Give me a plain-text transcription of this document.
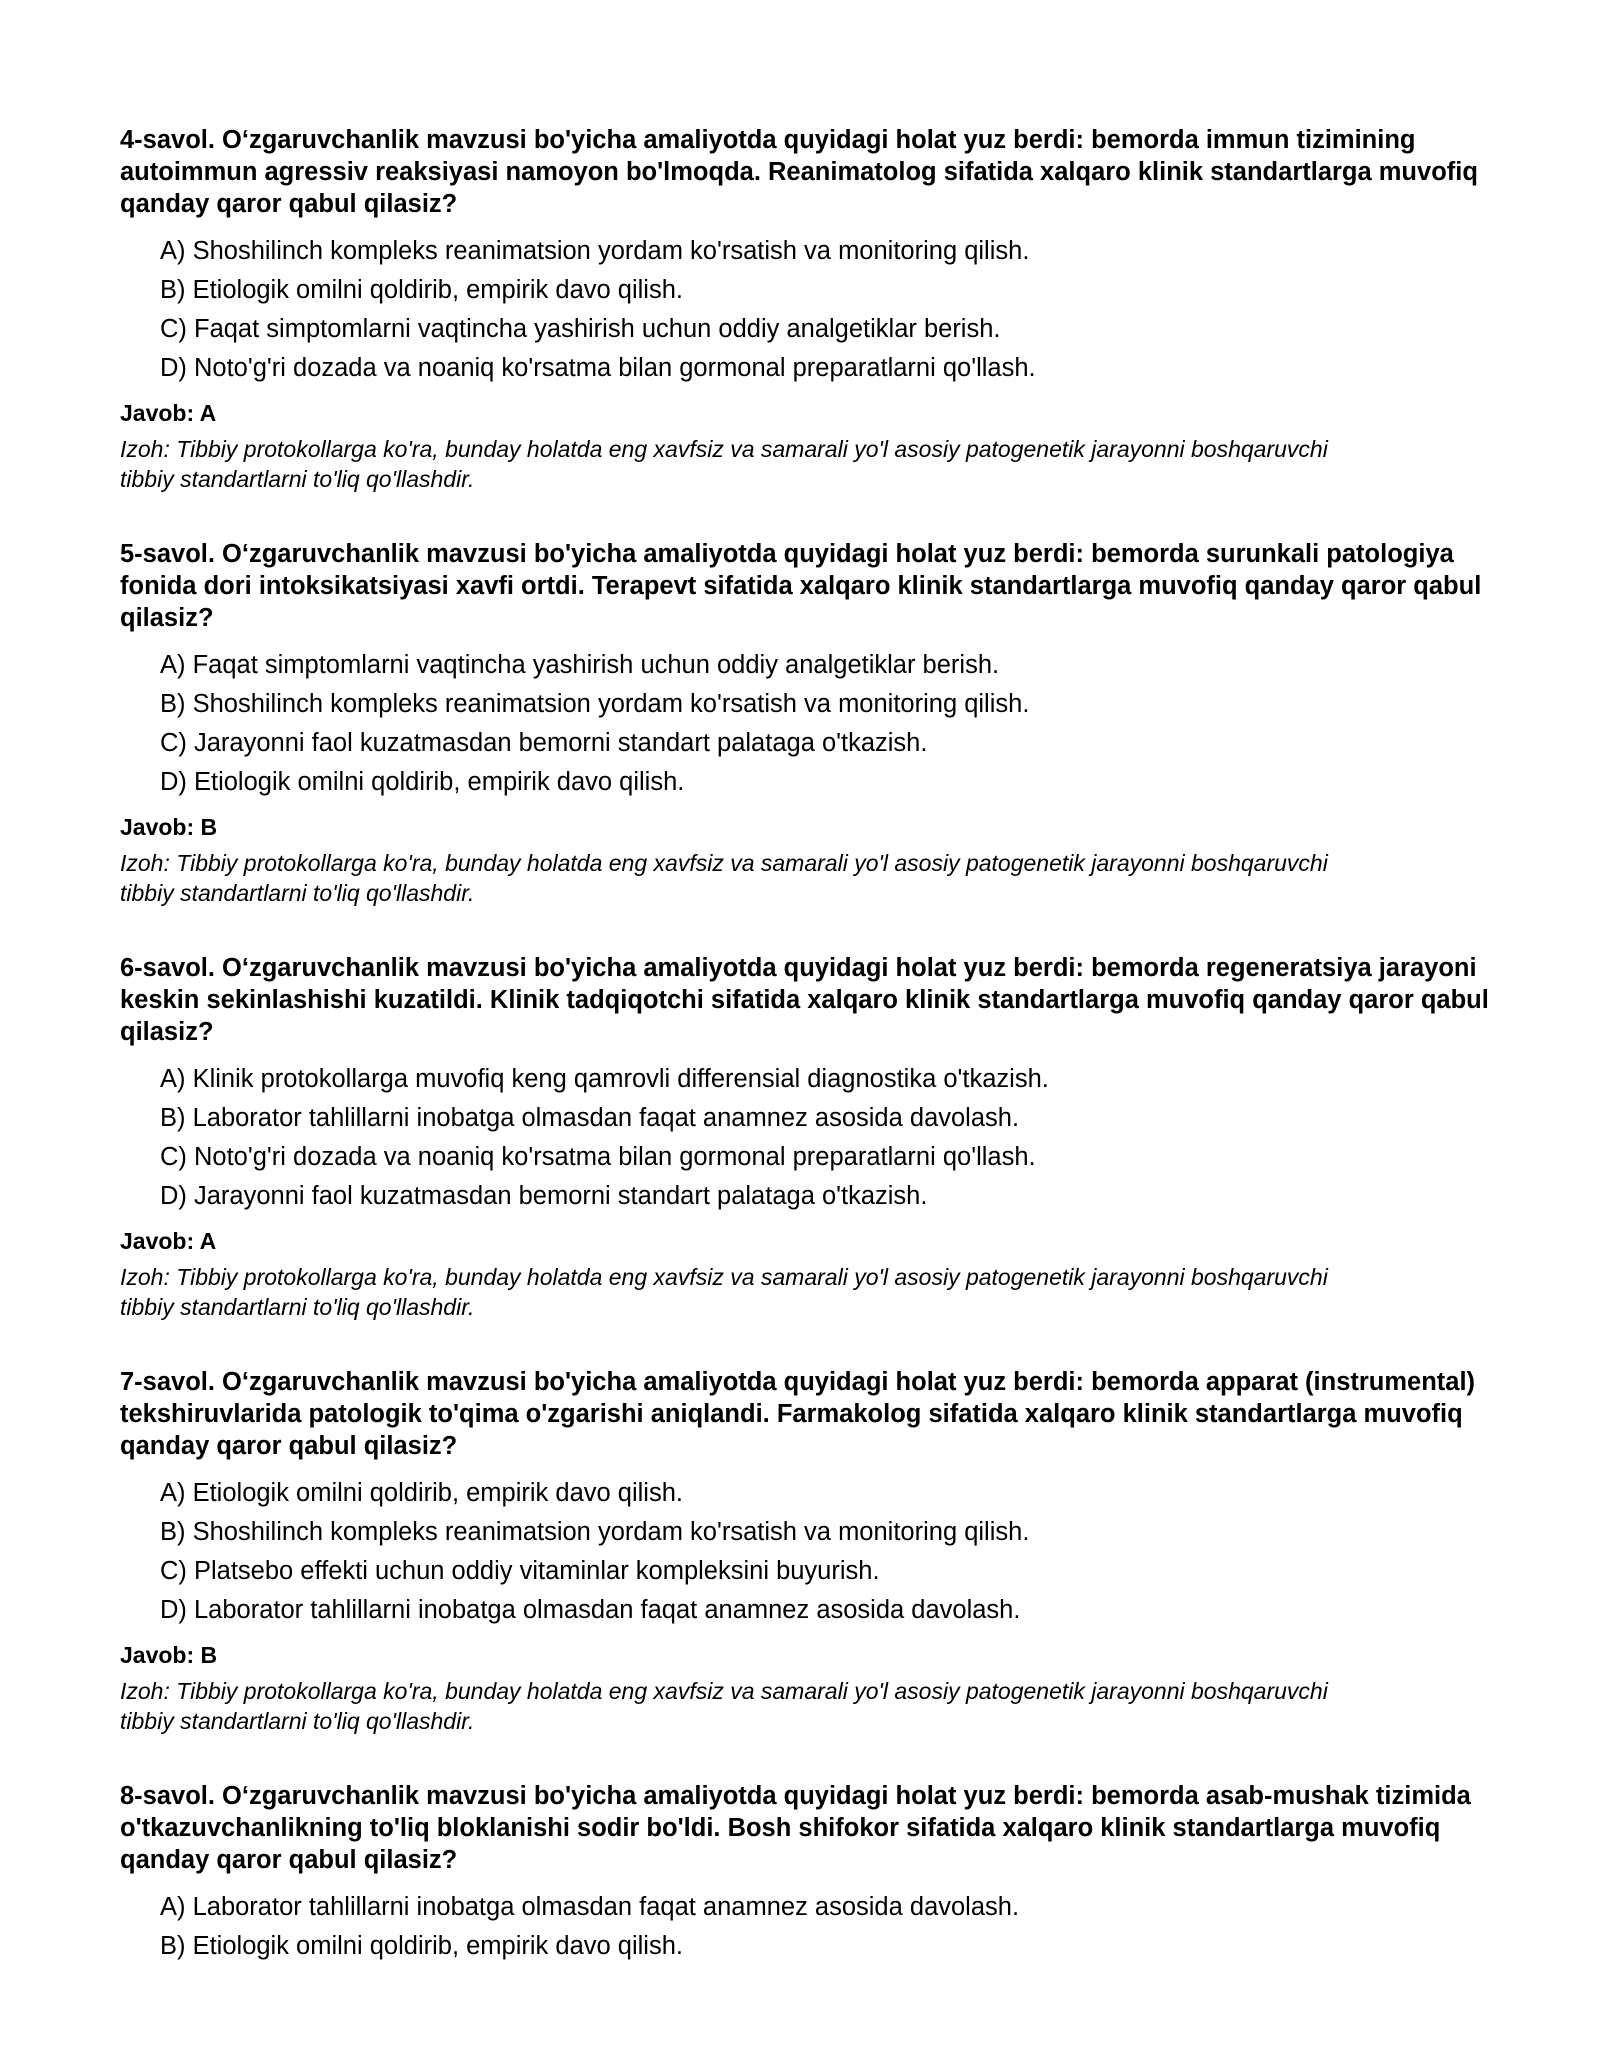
4-savol. O‘zgaruvchanlik mavzusi bo'yicha amaliyotda quyidagi holat yuz berdi: bemorda immun tizimining autoimmun agressiv reaksiyasi namoyon bo'lmoqda. Reanimatolog sifatida xalqaro klinik standartlarga muvofiq qanday qaror qabul qilasiz?

A) Shoshilinch kompleks reanimatsion yordam ko'rsatish va monitoring qilish.
B) Etiologik omilni qoldirib, empirik davo qilish.
C) Faqat simptomlarni vaqtincha yashirish uchun oddiy analgetiklar berish.
D) Noto'g'ri dozada va noaniq ko'rsatma bilan gormonal preparatlarni qo'llash.

Javob: A

Izoh: Tibbiy protokollarga ko'ra, bunday holatda eng xavfsiz va samarali yo'l asosiy patogenetik jarayonni boshqaruvchi tibbiy standartlarni to'liq qo'llashdir.

5-savol. O‘zgaruvchanlik mavzusi bo'yicha amaliyotda quyidagi holat yuz berdi: bemorda surunkali patologiya fonida dori intoksikatsiyasi xavfi ortdi. Terapevt sifatida xalqaro klinik standartlarga muvofiq qanday qaror qabul qilasiz?

A) Faqat simptomlarni vaqtincha yashirish uchun oddiy analgetiklar berish.
B) Shoshilinch kompleks reanimatsion yordam ko'rsatish va monitoring qilish.
C) Jarayonni faol kuzatmasdan bemorni standart palataga o'tkazish.
D) Etiologik omilni qoldirib, empirik davo qilish.

Javob: B

Izoh: Tibbiy protokollarga ko'ra, bunday holatda eng xavfsiz va samarali yo'l asosiy patogenetik jarayonni boshqaruvchi tibbiy standartlarni to'liq qo'llashdir.

6-savol. O‘zgaruvchanlik mavzusi bo'yicha amaliyotda quyidagi holat yuz berdi: bemorda regeneratsiya jarayoni keskin sekinlashishi kuzatildi. Klinik tadqiqotchi sifatida xalqaro klinik standartlarga muvofiq qanday qaror qabul qilasiz?

A) Klinik protokollarga muvofiq keng qamrovli differensial diagnostika o'tkazish.
B) Laborator tahlillarni inobatga olmasdan faqat anamnez asosida davolash.
C) Noto'g'ri dozada va noaniq ko'rsatma bilan gormonal preparatlarni qo'llash.
D) Jarayonni faol kuzatmasdan bemorni standart palataga o'tkazish.

Javob: A

Izoh: Tibbiy protokollarga ko'ra, bunday holatda eng xavfsiz va samarali yo'l asosiy patogenetik jarayonni boshqaruvchi tibbiy standartlarni to'liq qo'llashdir.

7-savol. O‘zgaruvchanlik mavzusi bo'yicha amaliyotda quyidagi holat yuz berdi: bemorda apparat (instrumental) tekshiruvlarida patologik to'qima o'zgarishi aniqlandi. Farmakolog sifatida xalqaro klinik standartlarga muvofiq qanday qaror qabul qilasiz?

A) Etiologik omilni qoldirib, empirik davo qilish.
B) Shoshilinch kompleks reanimatsion yordam ko'rsatish va monitoring qilish.
C) Platsebo effekti uchun oddiy vitaminlar kompleksini buyurish.
D) Laborator tahlillarni inobatga olmasdan faqat anamnez asosida davolash.

Javob: B

Izoh: Tibbiy protokollarga ko'ra, bunday holatda eng xavfsiz va samarali yo'l asosiy patogenetik jarayonni boshqaruvchi tibbiy standartlarni to'liq qo'llashdir.

8-savol. O‘zgaruvchanlik mavzusi bo'yicha amaliyotda quyidagi holat yuz berdi: bemorda asab-mushak tizimida o'tkazuvchanlikning to'liq bloklanishi sodir bo'ldi. Bosh shifokor sifatida xalqaro klinik standartlarga muvofiq qanday qaror qabul qilasiz?

A) Laborator tahlillarni inobatga olmasdan faqat anamnez asosida davolash.
B) Etiologik omilni qoldirib, empirik davo qilish.
